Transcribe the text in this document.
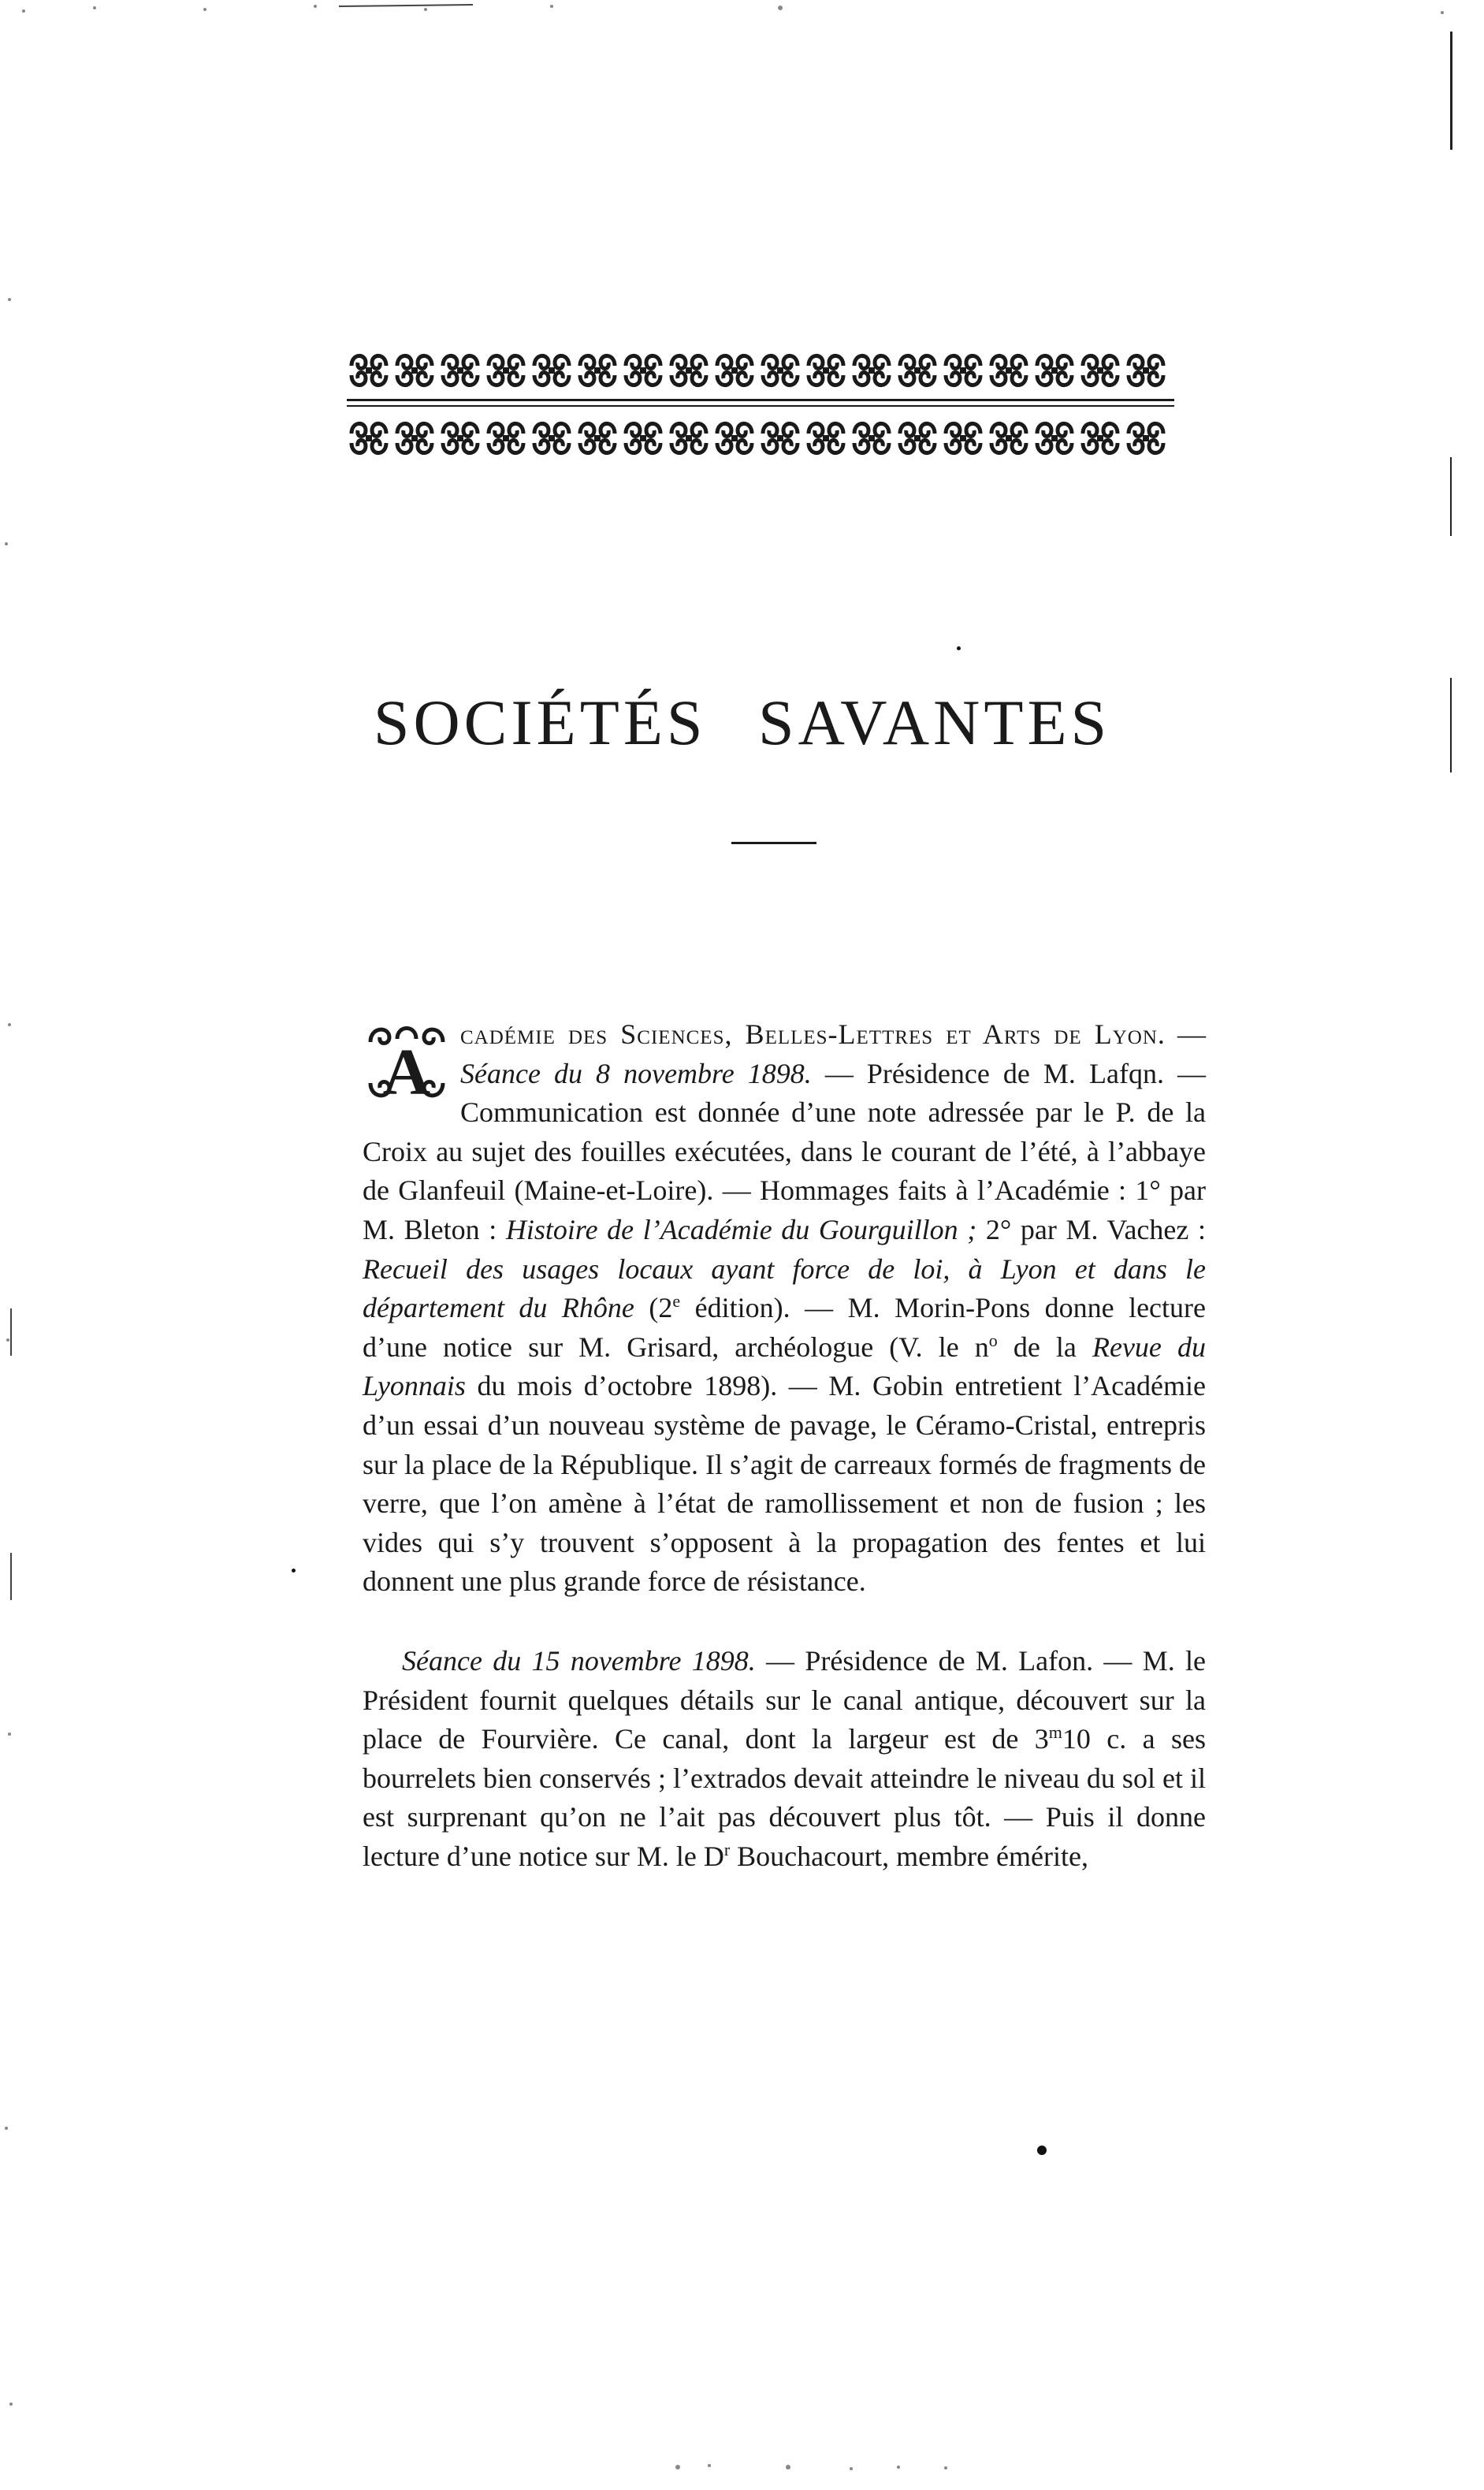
SOCIÉTÉS SAVANTES
A

cadémie des Sciences, Belles-Lettres et Arts de Lyon. — Séance du 8 novembre 1898. — Présidence de M. Lafqn. — Communication est donnée d’une note adressée par le P. de la Croix au sujet des fouilles exécutées, dans le courant de l’été, à l’abbaye de Glanfeuil (Maine-et-Loire). — Hommages faits à l’Académie : 1° par M. Bleton : Histoire de l’Académie du Gourguillon ; 2° par M. Vachez : Recueil des usages locaux ayant force de loi, à Lyon et dans le département du Rhône (2e édition). — M. Morin-Pons donne lecture d’une notice sur M. Grisard, archéologue (V. le $n^o$ de la Revue du Lyonnais du mois d’octobre 1898). — M. Gobin entretient l’Académie d’un essai d’un nouveau système de pavage, le Céramo-Cristal, entrepris sur la place de la République. Il s’agit de carreaux formés de fragments de verre, que l’on amène à l’état de ramollissement et non de fusion ; les vides qui s’y trouvent s’opposent à la propagation des fentes et lui donnent une plus grande force de résistance.

Séance du 15 novembre 1898. — Présidence de M. Lafon. — M. le Président fournit quelques détails sur le canal antique, découvert sur la place de Fourvière. Ce canal, dont la largeur est de 3$^m$10 c. a ses bourrelets bien conservés ; l’extrados devait atteindre le niveau du sol et il est surprenant qu’on ne l’ait pas découvert plus tôt. — Puis il donne lecture d’une notice sur M. le $D^r$ Bouchacourt, membre émérite,
